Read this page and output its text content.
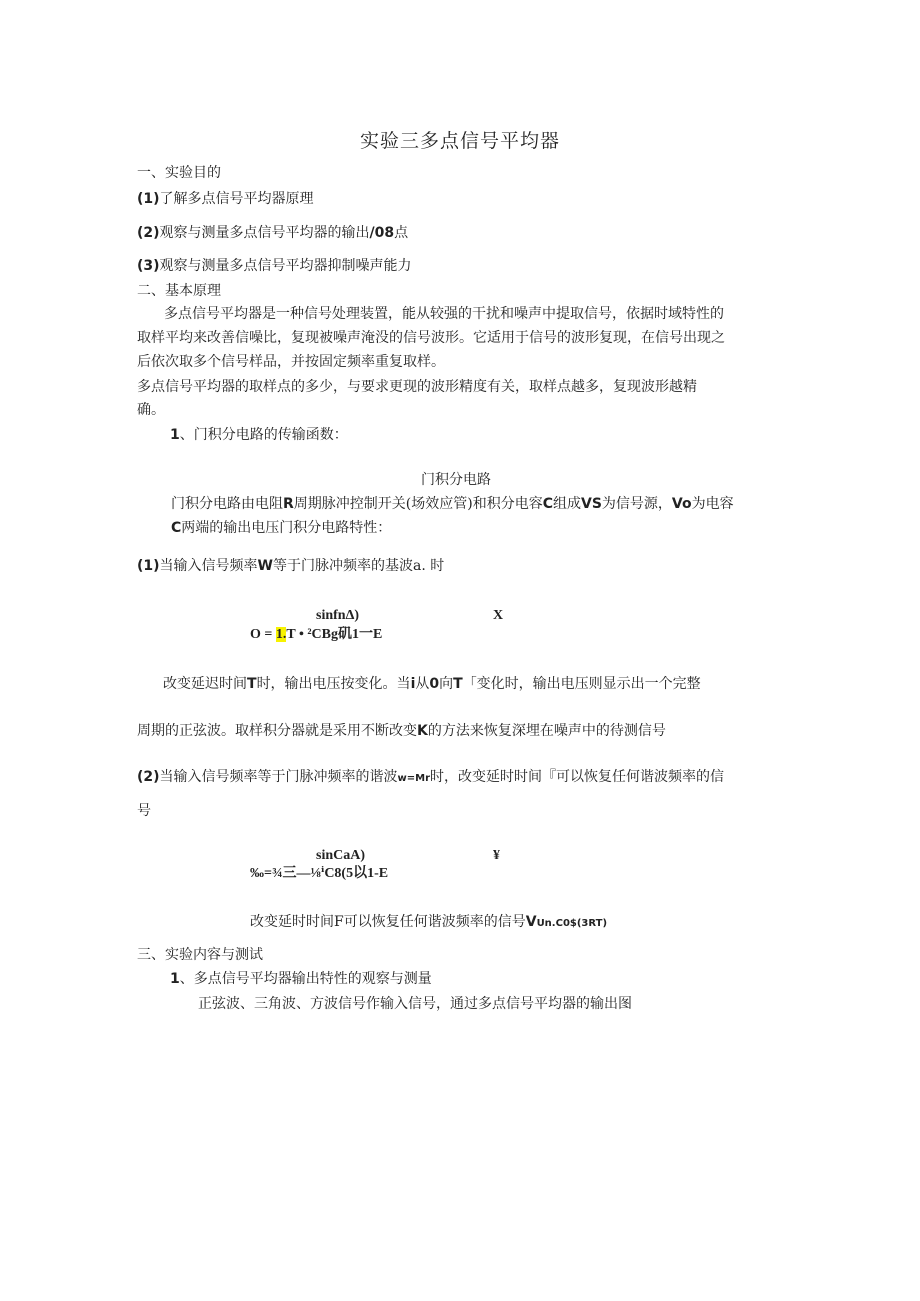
实验三多点信号平均器
一、实验目的
(1)了解多点信号平均器原理
(2)观察与测量多点信号平均器的输出/08点
(3)观察与测量多点信号平均器抑制噪声能力
二、基本原理
多点信号平均器是一种信号处理装置，能从较强的干扰和噪声中提取信号，依据时域特性的
取样平均来改善信噪比，复现被噪声淹没的信号波形。它适用于信号的波形复现，在信号出现之
后依次取多个信号样品，并按固定频率重复取样。
多点信号平均器的取样点的多少，与要求更现的波形精度有关，取样点越多，复现波形越精
确。
1、门积分电路的传输函数：
门积分电路
门积分电路由电阻R周期脉冲控制开关(场效应管)和积分电容C组成VS为信号源，Vo为电容
C两端的输出电压门积分电路特性：
(1)当输入信号频率W等于门脉冲频率的基波a. 时
sinfnΔ)	X
O = 1.T • ²CBg矶1一E
改变延迟时间T时，输出电压按变化。当i从0向T「变化时，输出电压则显示出一个完整
周期的正弦波。取样积分器就是采用不断改变K的方法来恢复深埋在噪声中的待测信号
(2)当输入信号频率等于门脉冲频率的谐波w=Mr时，改变延时时间『可以恢复任何谐波频率的信
号
sinCaA)	¥
‰=¾三—⅛ⁱC8(5以1-E
改变延时时间F可以恢复任何谐波频率的信号VUn.C0$(3RT)
三、实验内容与测试
1、多点信号平均器输出特性的观察与测量
正弦波、三角波、方波信号作输入信号，通过多点信号平均器的输出图
